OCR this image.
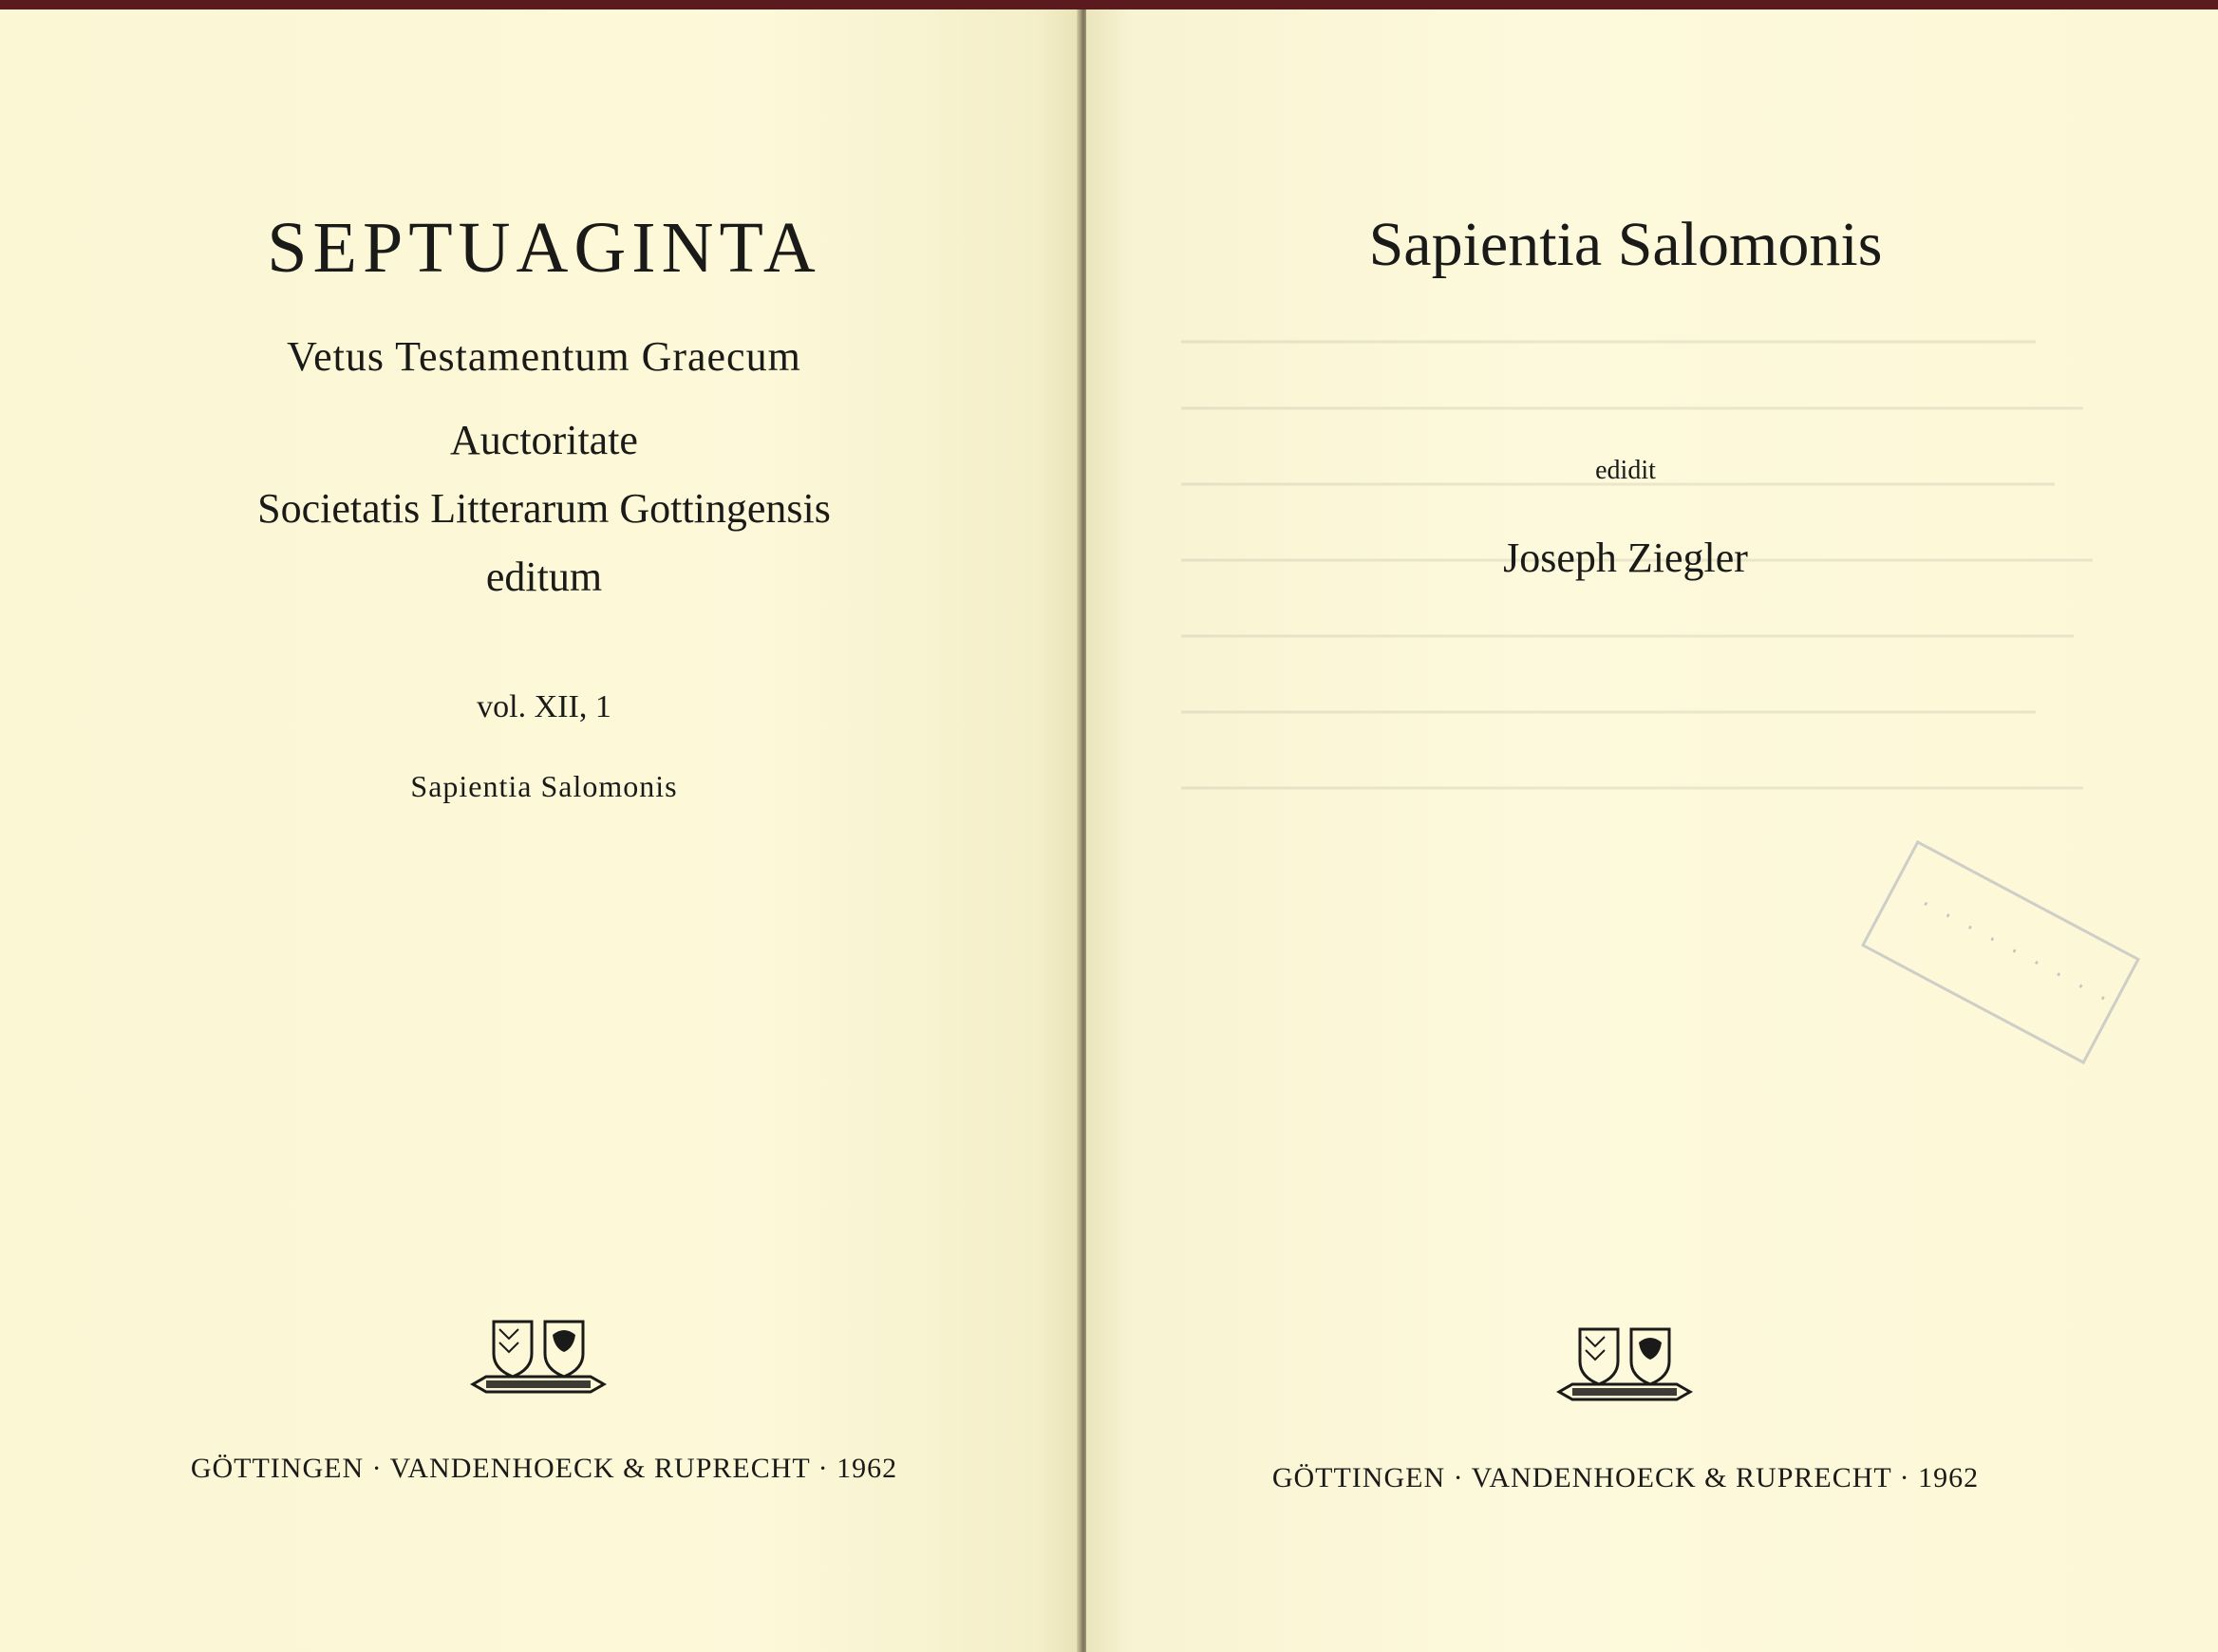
SEPTUAGINTA
Vetus Testamentum Graecum
Auctoritate
Societatis Litterarum Gottingensis
editum
vol. XII, 1
Sapientia Salomonis
GÖTTINGEN · VANDENHOECK & RUPRECHT · 1962
Sapientia Salomonis
edidit
Joseph Ziegler
· · · · · · · · ·
GÖTTINGEN · VANDENHOECK & RUPRECHT · 1962
